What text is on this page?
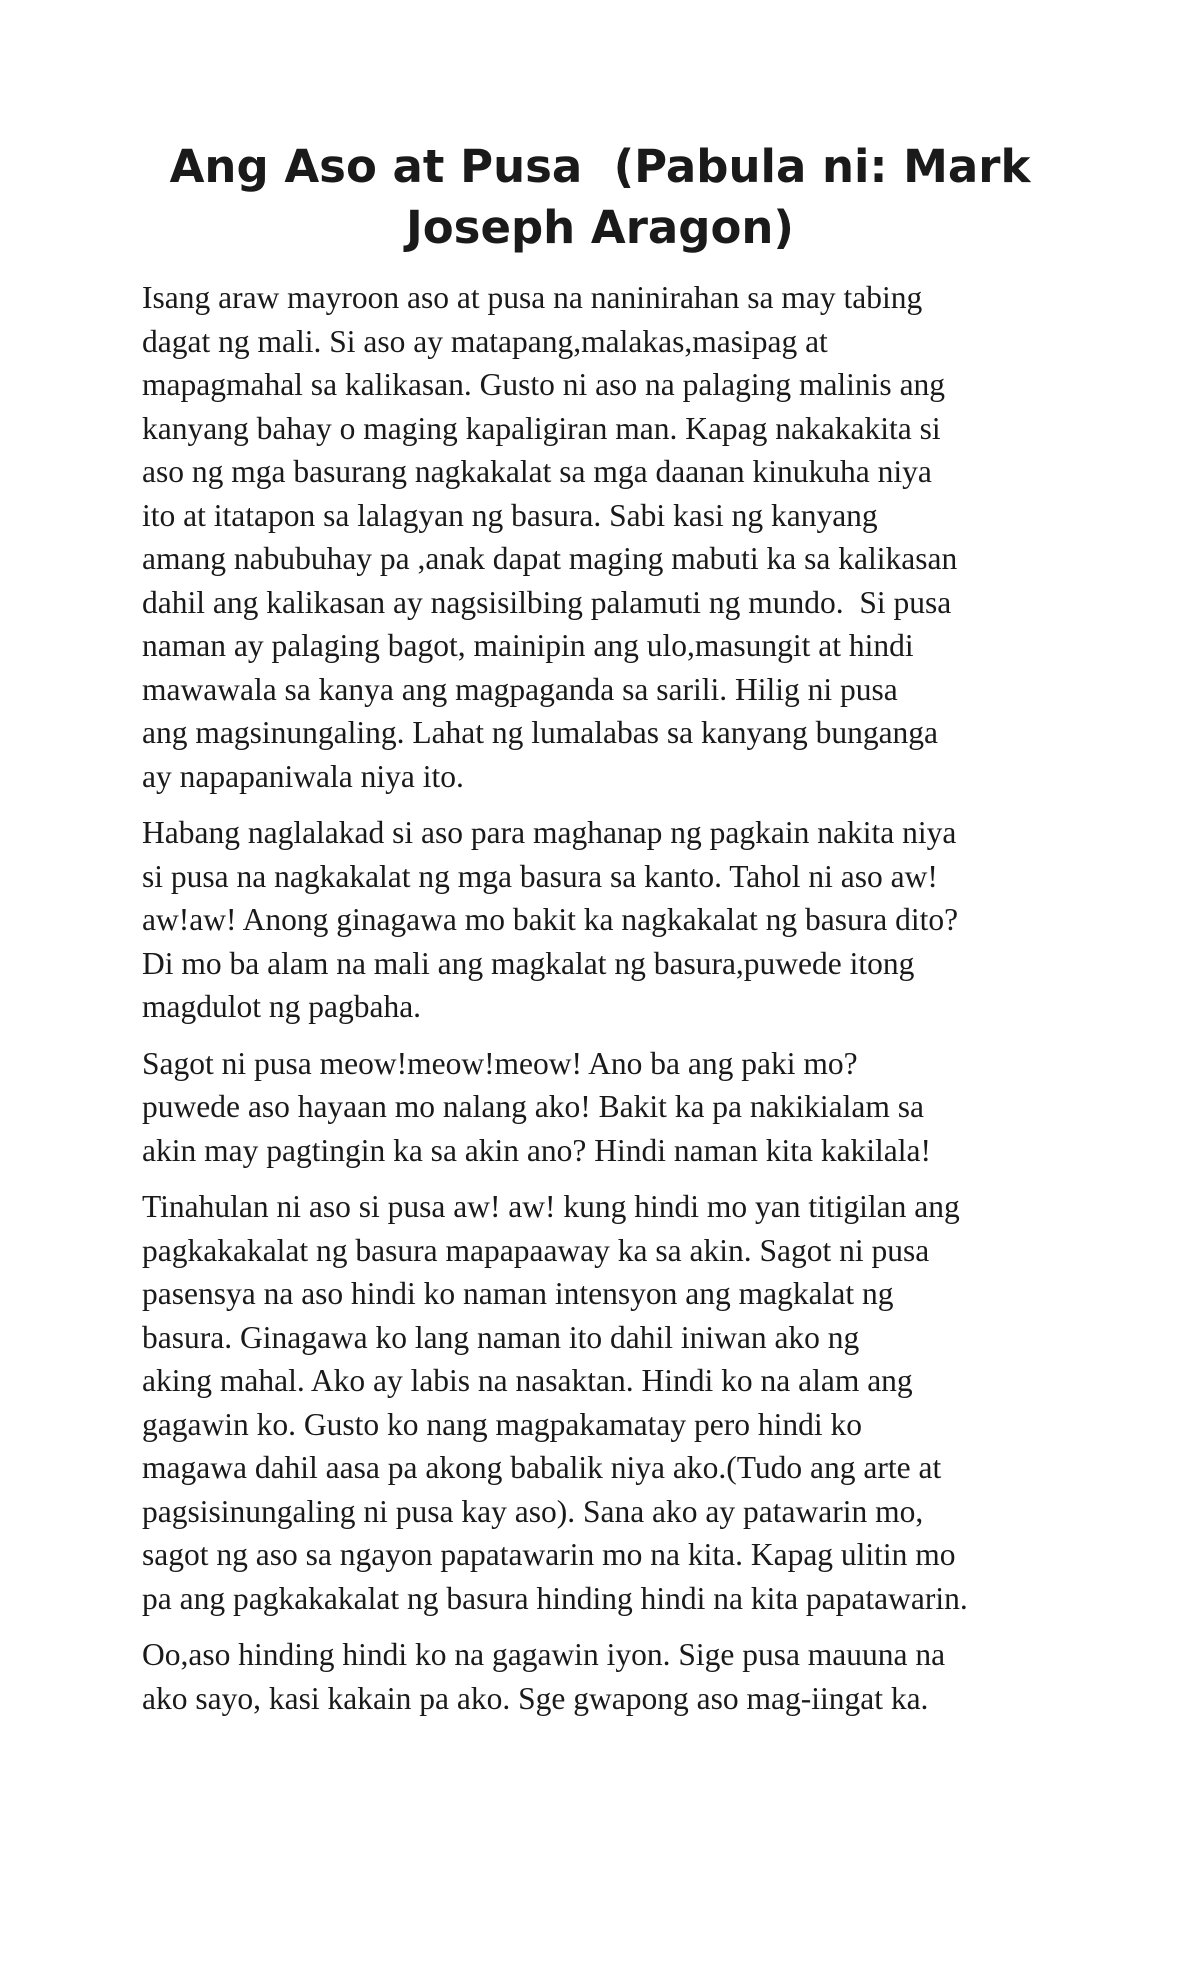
Ang Aso at Pusa  (Pabula ni: Mark
Joseph Aragon)

Isang araw mayroon aso at pusa na naninirahan sa may tabing
dagat ng mali. Si aso ay matapang,malakas,masipag at
mapagmahal sa kalikasan. Gusto ni aso na palaging malinis ang
kanyang bahay o maging kapaligiran man. Kapag nakakakita si
aso ng mga basurang nagkakalat sa mga daanan kinukuha niya
ito at itatapon sa lalagyan ng basura. Sabi kasi ng kanyang
amang nabubuhay pa ,anak dapat maging mabuti ka sa kalikasan
dahil ang kalikasan ay nagsisilbing palamuti ng mundo.  Si pusa
naman ay palaging bagot, mainipin ang ulo,masungit at hindi
mawawala sa kanya ang magpaganda sa sarili. Hilig ni pusa
ang magsinungaling. Lahat ng lumalabas sa kanyang bunganga
ay napapaniwala niya ito.

Habang naglalakad si aso para maghanap ng pagkain nakita niya
si pusa na nagkakalat ng mga basura sa kanto. Tahol ni aso aw!
aw!aw! Anong ginagawa mo bakit ka nagkakalat ng basura dito?
Di mo ba alam na mali ang magkalat ng basura,puwede itong
magdulot ng pagbaha.

Sagot ni pusa meow!meow!meow! Ano ba ang paki mo?
puwede aso hayaan mo nalang ako! Bakit ka pa nakikialam sa
akin may pagtingin ka sa akin ano? Hindi naman kita kakilala!

Tinahulan ni aso si pusa aw! aw! kung hindi mo yan titigilan ang
pagkakakalat ng basura mapapaaway ka sa akin. Sagot ni pusa
pasensya na aso hindi ko naman intensyon ang magkalat ng
basura. Ginagawa ko lang naman ito dahil iniwan ako ng
aking mahal. Ako ay labis na nasaktan. Hindi ko na alam ang
gagawin ko. Gusto ko nang magpakamatay pero hindi ko
magawa dahil aasa pa akong babalik niya ako.(Tudo ang arte at
pagsisinungaling ni pusa kay aso). Sana ako ay patawarin mo,
sagot ng aso sa ngayon papatawarin mo na kita. Kapag ulitin mo
pa ang pagkakakalat ng basura hinding hindi na kita papatawarin.

Oo,aso hinding hindi ko na gagawin iyon. Sige pusa mauuna na
ako sayo, kasi kakain pa ako. Sge gwapong aso mag-iingat ka.
